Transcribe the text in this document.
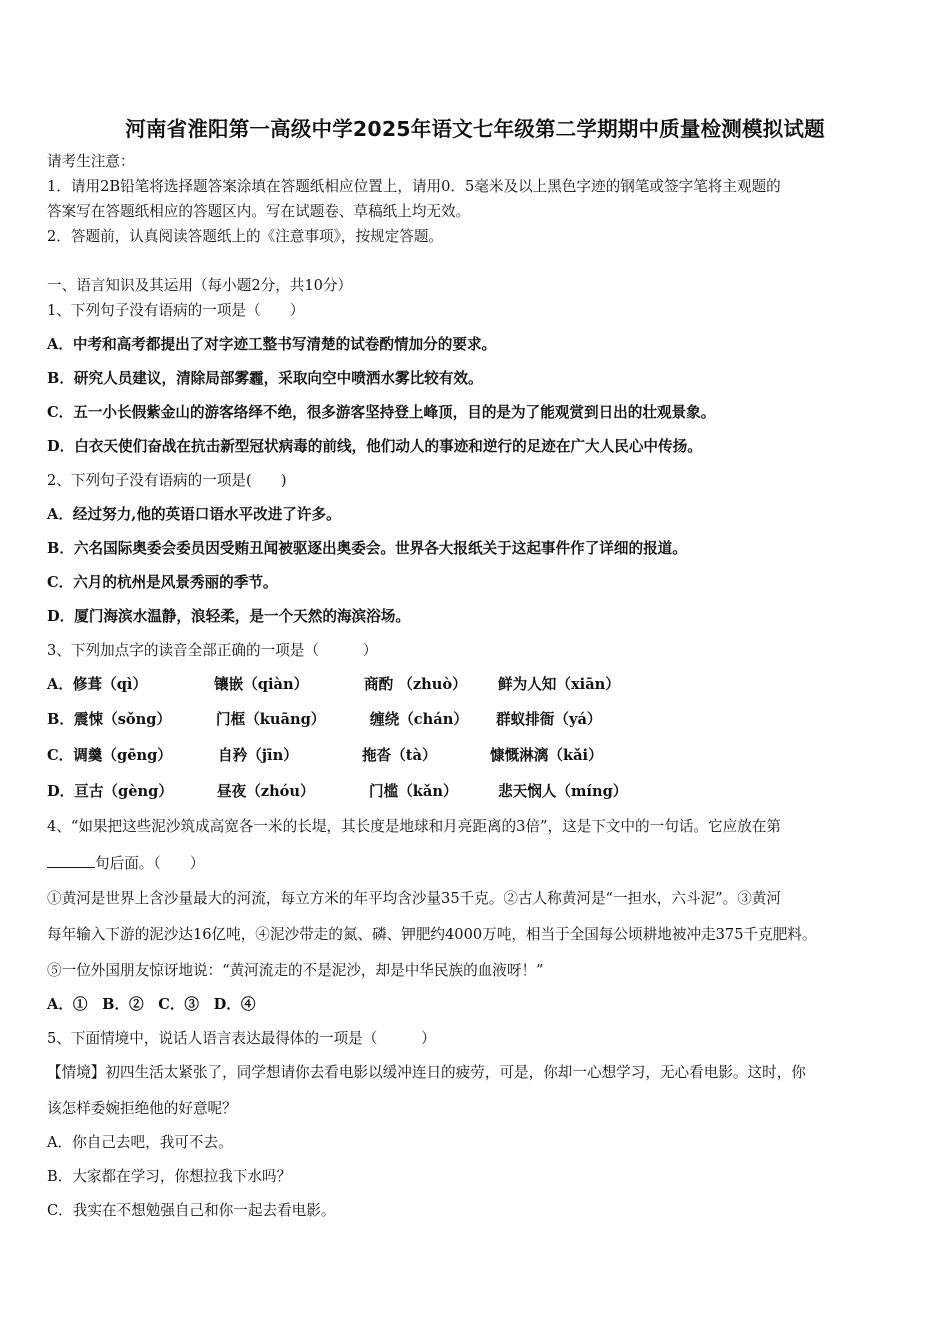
河南省淮阳第一高级中学2025年语文七年级第二学期期中质量检测模拟试题
请考生注意：
1．请用2B铅笔将选择题答案涂填在答题纸相应位置上，请用0．5毫米及以上黑色字迹的钢笔或签字笔将主观题的
答案写在答题纸相应的答题区内。写在试题卷、草稿纸上均无效。
2．答题前，认真阅读答题纸上的《注意事项》，按规定答题。
一、语言知识及其运用（每小题2分，共10分）
1、下列句子没有语病的一项是（　　）
A．中考和高考都提出了对字迹工整书写清楚的试卷酌情加分的要求。
B．研究人员建议，清除局部雾霾，采取向空中喷洒水雾比较有效。
C．五一小长假紫金山的游客络绎不绝，很多游客坚持登上峰顶，目的是为了能观赏到日出的壮观景象。
D．白衣天使们奋战在抗击新型冠状病毒的前线，他们动人的事迹和逆行的足迹在广大人民心中传扬。
2、下列句子没有语病的一项是(　　)
A．经过努力,他的英语口语水平改进了许多。
B．六名国际奥委会委员因受贿丑闻被驱逐出奥委会。世界各大报纸关于这起事件作了详细的报道。
C．六月的杭州是风景秀丽的季节。
D．厦门海滨水温静，浪轻柔，是一个天然的海滨浴场。
3、下列加点字的读音全部正确的一项是（　　　）
A．修葺（qì）	镶嵌（qiàn）	商酌 （zhuò） 鲜为人知（xiān）
B．震悚（sǒng）	门框（kuāng）	缠绕（chán） 群蚁排衙（yá）
C．调羹（gēng）	自矜（jīn）	拖沓（tà）	慷慨淋漓（kǎi）
D．亘古（gèng）	昼夜（zhóu）	门槛（kǎn）	悲天悯人（míng）
4、“如果把这些泥沙筑成高宽各一米的长堤，其长度是地球和月亮距离的3倍”，这是下文中的一句话。它应放在第
句后面。（　　）
①黄河是世界上含沙量最大的河流，每立方米的年平均含沙量35千克。②古人称黄河是“一担水，六斗泥”。③黄河
每年输入下游的泥沙达16亿吨，④泥沙带走的氮、磷、钾肥约4000万吨，相当于全国每公顷耕地被冲走375千克肥料。
⑤一位外国朋友惊讶地说：“黄河流走的不是泥沙，却是中华民族的血液呀！”
A．①　B．②　C．③　D．④
5、下面情境中，说话人语言表达最得体的一项是（　　　）
【情境】初四生活太紧张了，同学想请你去看电影以缓冲连日的疲劳，可是，你却一心想学习，无心看电影。这时，你
该怎样委婉拒绝他的好意呢？
A．你自己去吧，我可不去。
B．大家都在学习，你想拉我下水吗？
C．我实在不想勉强自己和你一起去看电影。
